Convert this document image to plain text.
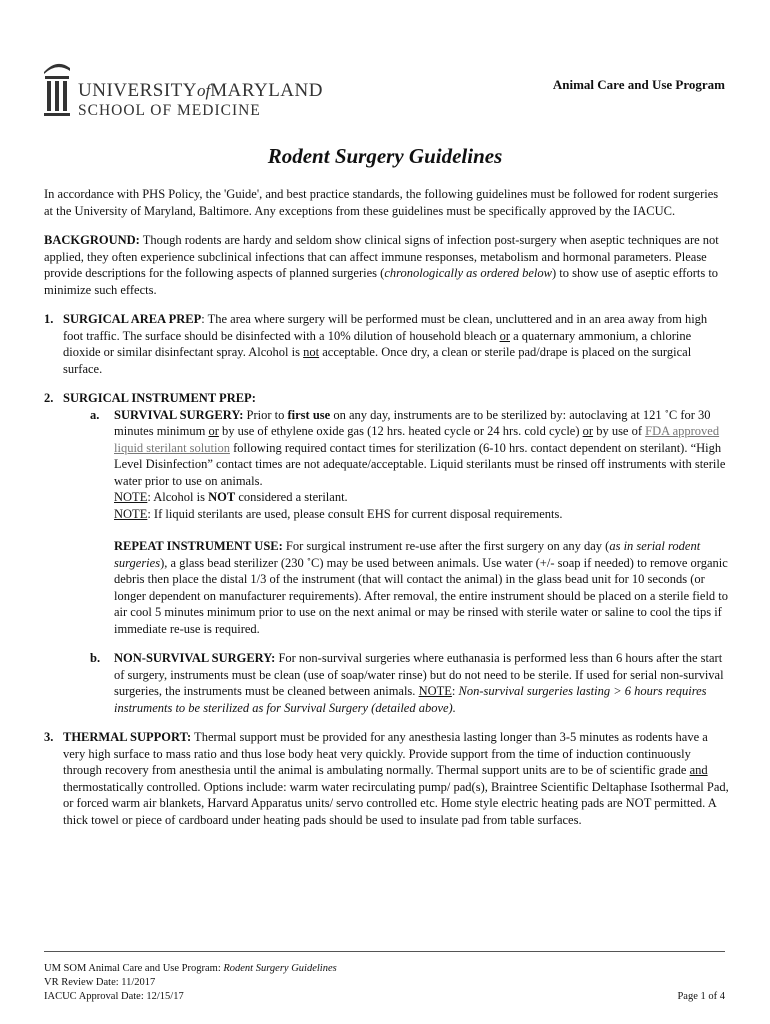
UNIVERSITYofMARYLAND
SCHOOL OF MEDICINE
Animal Care and Use Program
Rodent Surgery Guidelines

In accordance with PHS Policy, the 'Guide', and best practice standards, the following guidelines must be followed for rodent surgeries at the University of Maryland, Baltimore. Any exceptions from these guidelines must be specifically approved by the IACUC.

BACKGROUND: Though rodents are hardy and seldom show clinical signs of infection post-surgery when aseptic techniques are not applied, they often experience subclinical infections that can affect immune responses, metabolism and hormonal parameters. Please provide descriptions for the following aspects of planned surgeries (chronologically as ordered below) to show use of aseptic efforts to minimize such effects.

1. SURGICAL AREA PREP: The area where surgery will be performed must be clean, uncluttered and in an area away from high foot traffic. The surface should be disinfected with a 10% dilution of household bleach or a quaternary ammonium, a chlorine dioxide or similar disinfectant spray. Alcohol is not acceptable. Once dry, a clean or sterile pad/drape is placed on the surgical surface.
2. SURGICAL INSTRUMENT PREP:
a. SURVIVAL SURGERY: Prior to first use on any day, instruments are to be sterilized by: autoclaving at 121 ˚C for 30 minutes minimum or by use of ethylene oxide gas (12 hrs. heated cycle or 24 hrs. cold cycle) or by use of FDA approved liquid sterilant solution following required contact times for sterilization (6-10 hrs. contact dependent on sterilant). “High Level Disinfection” contact times are not adequate/acceptable. Liquid sterilants must be rinsed off instruments with sterile water prior to use on animals.
NOTE: Alcohol is NOT considered a sterilant.
NOTE: If liquid sterilants are used, please consult EHS for current disposal requirements.
REPEAT INSTRUMENT USE: For surgical instrument re-use after the first surgery on any day (as in serial rodent surgeries), a glass bead sterilizer (230 ˚C) may be used between animals. Use water (+/- soap if needed) to remove organic debris then place the distal 1/3 of the instrument (that will contact the animal) in the glass bead unit for 10 seconds (or longer dependent on manufacturer requirements). After removal, the entire instrument should be placed on a sterile field to air cool 5 minutes minimum prior to use on the next animal or may be rinsed with sterile water or saline to cool the tips if immediate re-use is required.
b. NON-SURVIVAL SURGERY: For non-survival surgeries where euthanasia is performed less than 6 hours after the start of surgery, instruments must be clean (use of soap/water rinse) but do not need to be sterile. If used for serial non-survival surgeries, the instruments must be cleaned between animals. NOTE: Non-survival surgeries lasting > 6 hours requires instruments to be sterilized as for Survival Surgery (detailed above).
3. THERMAL SUPPORT: Thermal support must be provided for any anesthesia lasting longer than 3-5 minutes as rodents have a very high surface to mass ratio and thus lose body heat very quickly. Provide support from the time of induction continuously through recovery from anesthesia until the animal is ambulating normally. Thermal support units are to be of scientific grade and thermostatically controlled. Options include: warm water recirculating pump/ pad(s), Braintree Scientific Deltaphase Isothermal Pad, or forced warm air blankets, Harvard Apparatus units/ servo controlled etc. Home style electric heating pads are NOT permitted. A thick towel or piece of cardboard under heating pads should be used to insulate pad from table surfaces.
UM SOM Animal Care and Use Program: Rodent Surgery Guidelines
VR Review Date: 11/2017
IACUC Approval Date: 12/15/17	Page 1 of 4
